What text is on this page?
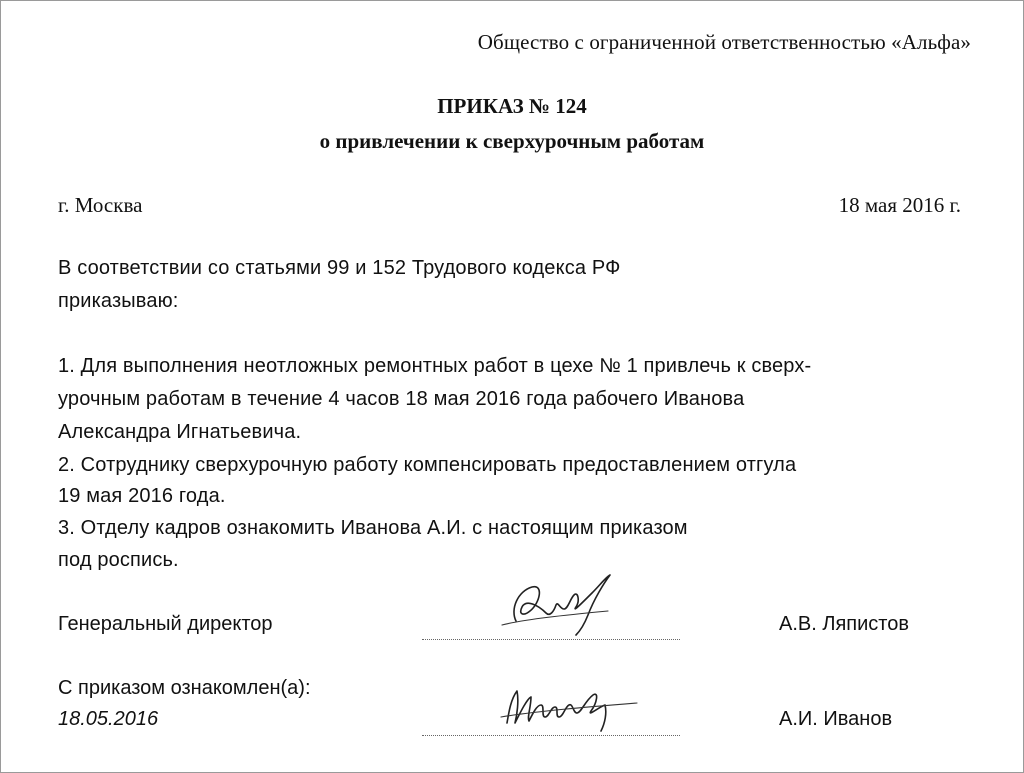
Общество с ограниченной ответственностью «Альфа»
ПРИКАЗ № 124
о привлечении к сверхурочным работам
г. Москва	18 мая 2016 г.
В соответствии со статьями 99 и 152 Трудового кодекса РФ
приказываю:
1. Для выполнения неотложных ремонтных работ в цехе № 1 привлечь к сверх-
урочным работам в течение 4 часов 18 мая 2016 года рабочего Иванова
Александра Игнатьевича.
2. Сотруднику сверхурочную работу компенсировать предоставлением отгула
19 мая 2016 года.
3. Отделу кадров ознакомить Иванова А.И. с настоящим приказом
под роспись.
Генеральный директор	А.В. Ляпистов
С приказом ознакомлен(а):
18.05.2016	А.И. Иванов
